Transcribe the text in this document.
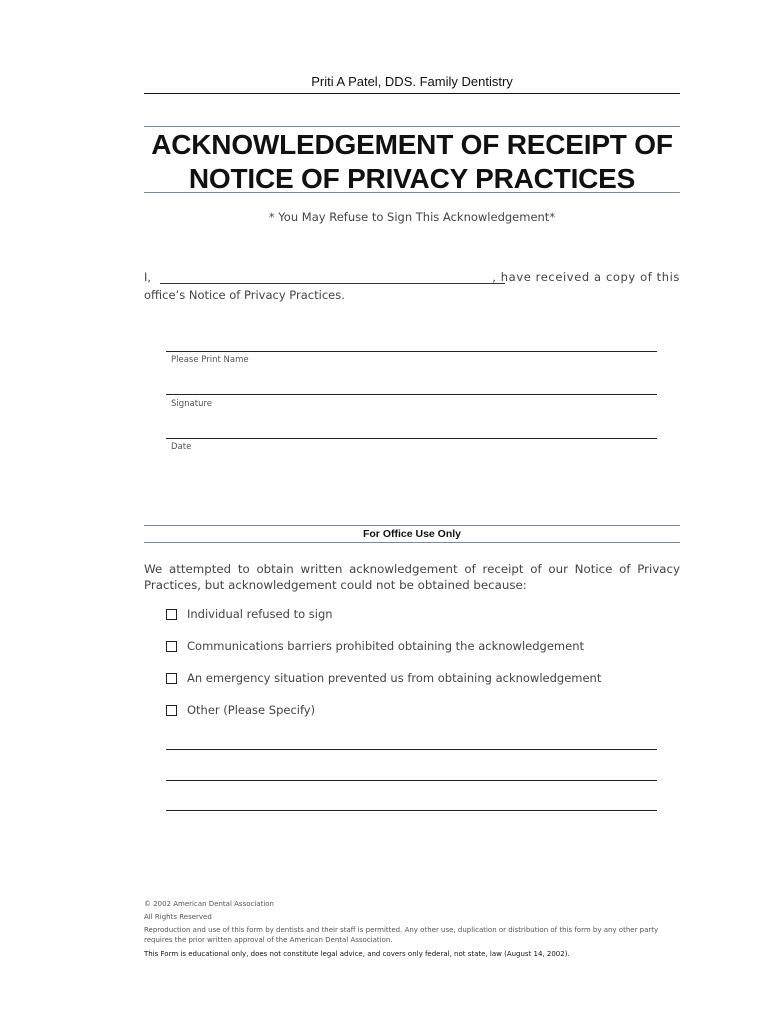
Priti A Patel, DDS. Family Dentistry
ACKNOWLEDGEMENT OF RECEIPT OF
NOTICE OF PRIVACY PRACTICES
* You May Refuse to Sign This Acknowledgement*
I,	, have received a copy of this
office’s Notice of Privacy Practices.
Please Print Name
Signature
Date
For Office Use Only
We attempted to obtain written acknowledgement of receipt of our Notice of Privacy Practices, but acknowledgement could not be obtained because:
Individual refused to sign
Communications barriers prohibited obtaining the acknowledgement
An emergency situation prevented us from obtaining acknowledgement
Other (Please Specify)
© 2002 American Dental Association
All Rights Reserved
Reproduction and use of this form by dentists and their staff is permitted. Any other use, duplication or distribution of this form by any other party requires the prior written approval of the American Dental Association.
This Form is educational only, does not constitute legal advice, and covers only federal, not state, law (August 14, 2002).
